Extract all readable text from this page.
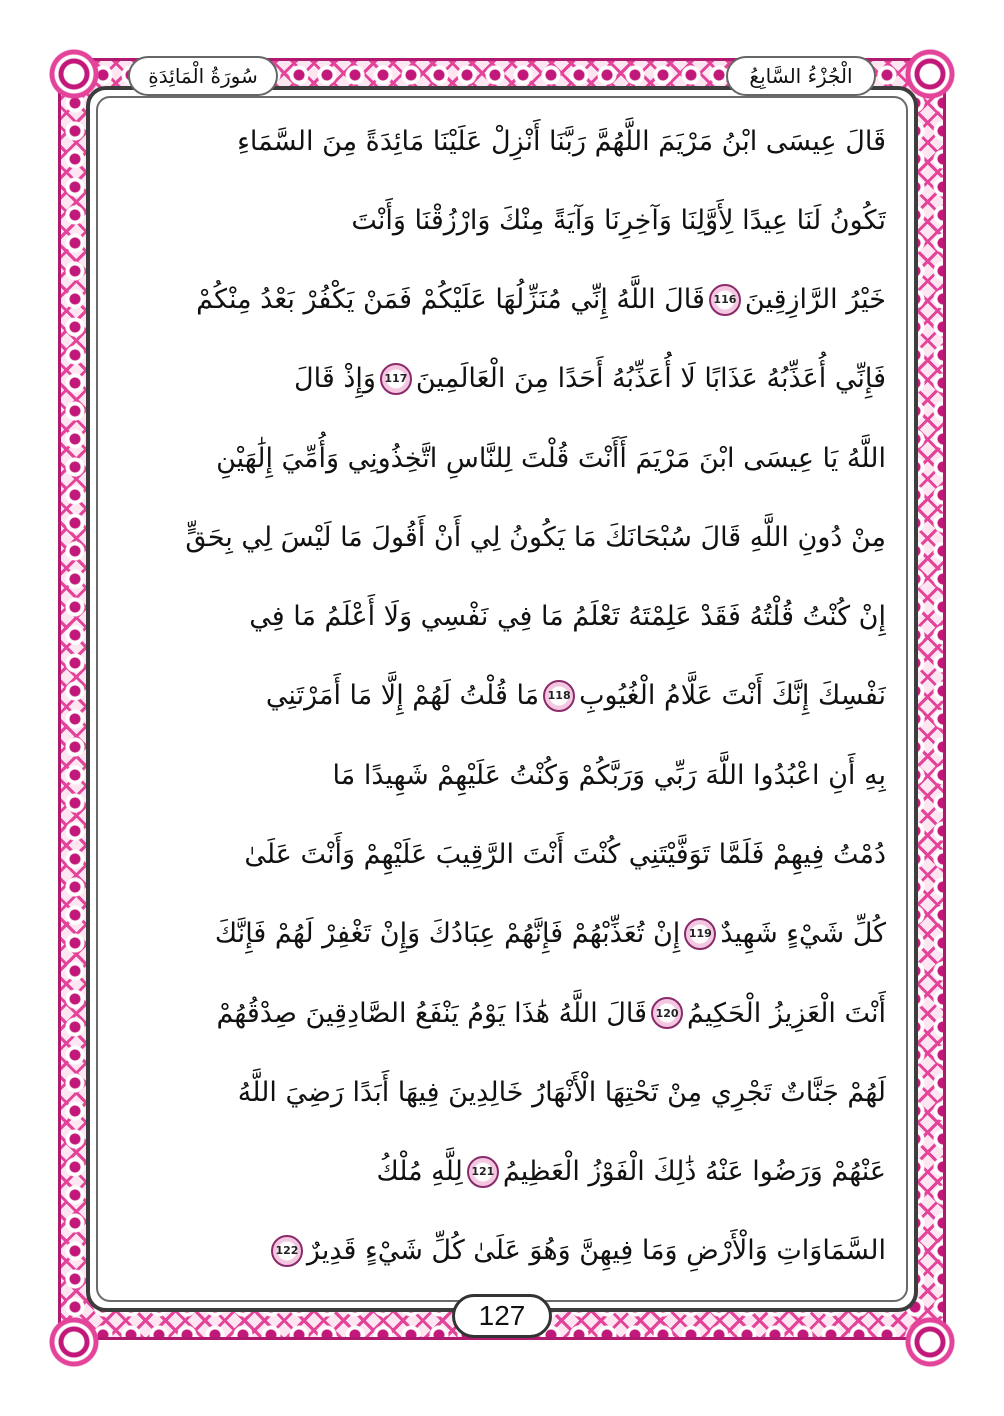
الْجُزْءُ السَّابِعُ
سُورَةُ الْمَائِدَةِ
قَالَ عِيسَى ابْنُ مَرْيَمَ اللَّهُمَّ رَبَّنَا أَنْزِلْ عَلَيْنَا مَائِدَةً مِنَ السَّمَاءِ
تَكُونُ لَنَا عِيدًا لِأَوَّلِنَا وَآخِرِنَا وَآيَةً مِنْكَ وَارْزُقْنَا وَأَنْتَ
خَيْرُ الرَّازِقِينَ
116
قَالَ اللَّهُ إِنِّي مُنَزِّلُهَا عَلَيْكُمْ فَمَنْ يَكْفُرْ بَعْدُ مِنْكُمْ
فَإِنِّي أُعَذِّبُهُ عَذَابًا لَا أُعَذِّبُهُ أَحَدًا مِنَ الْعَالَمِينَ
117
وَإِذْ قَالَ
اللَّهُ يَا عِيسَى ابْنَ مَرْيَمَ أَأَنْتَ قُلْتَ لِلنَّاسِ اتَّخِذُونِي وَأُمِّيَ إِلَٰهَيْنِ
مِنْ دُونِ اللَّهِ قَالَ سُبْحَانَكَ مَا يَكُونُ لِي أَنْ أَقُولَ مَا لَيْسَ لِي بِحَقٍّ
إِنْ كُنْتُ قُلْتُهُ فَقَدْ عَلِمْتَهُ تَعْلَمُ مَا فِي نَفْسِي وَلَا أَعْلَمُ مَا فِي
نَفْسِكَ إِنَّكَ أَنْتَ عَلَّامُ الْغُيُوبِ
118
مَا قُلْتُ لَهُمْ إِلَّا مَا أَمَرْتَنِي
بِهِ أَنِ اعْبُدُوا اللَّهَ رَبِّي وَرَبَّكُمْ وَكُنْتُ عَلَيْهِمْ شَهِيدًا مَا
دُمْتُ فِيهِمْ فَلَمَّا تَوَفَّيْتَنِي كُنْتَ أَنْتَ الرَّقِيبَ عَلَيْهِمْ وَأَنْتَ عَلَىٰ
كُلِّ شَيْءٍ شَهِيدٌ
119
إِنْ تُعَذِّبْهُمْ فَإِنَّهُمْ عِبَادُكَ وَإِنْ تَغْفِرْ لَهُمْ فَإِنَّكَ
أَنْتَ الْعَزِيزُ الْحَكِيمُ
120
قَالَ اللَّهُ هَٰذَا يَوْمُ يَنْفَعُ الصَّادِقِينَ صِدْقُهُمْ
لَهُمْ جَنَّاتٌ تَجْرِي مِنْ تَحْتِهَا الْأَنْهَارُ خَالِدِينَ فِيهَا أَبَدًا رَضِيَ اللَّهُ
عَنْهُمْ وَرَضُوا عَنْهُ ذَٰلِكَ الْفَوْزُ الْعَظِيمُ
121
لِلَّهِ مُلْكُ
السَّمَاوَاتِ وَالْأَرْضِ وَمَا فِيهِنَّ وَهُوَ عَلَىٰ كُلِّ شَيْءٍ قَدِيرٌ
122
127
